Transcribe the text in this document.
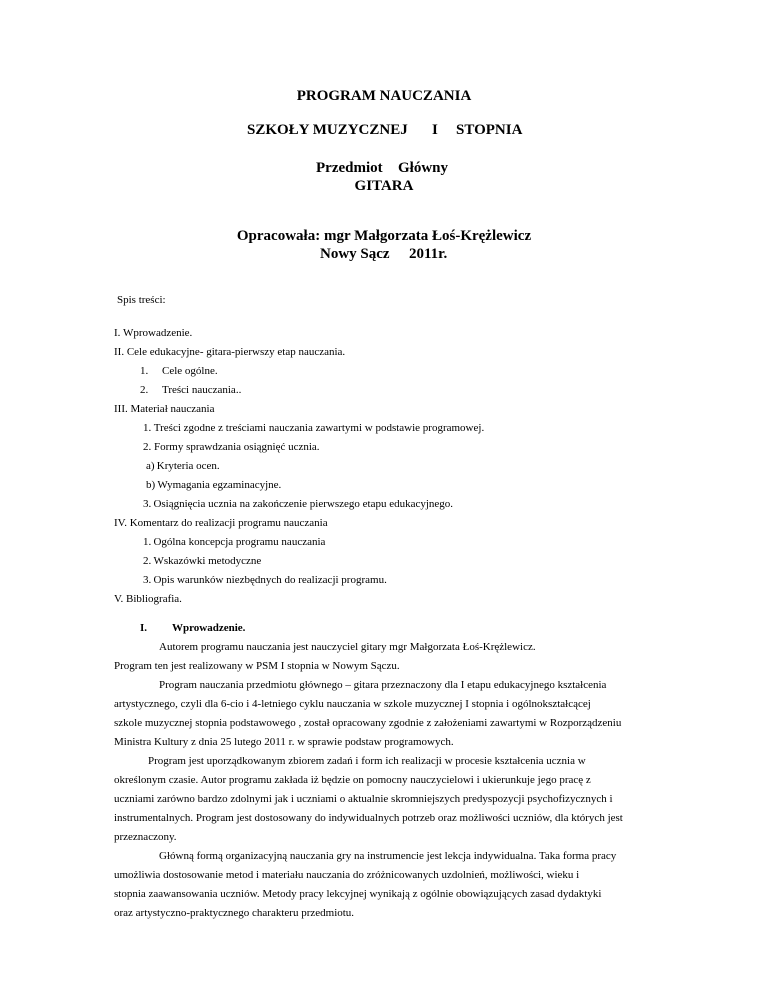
PROGRAM NAUCZANIA
SZKOŁY MUZYCZNEJ I STOPNIA
Przedmiot Główny
GITARA
Opracowała: mgr Małgorzata Łoś-Krężlewicz
Nowy Sącz 2011r.
Spis treści:
I. Wprowadzenie.
II. Cele edukacyjne- gitara-pierwszy etap nauczania.
1. Cele ogólne.
2. Treści nauczania..
III. Materiał nauczania
1. Treści zgodne z treściami nauczania zawartymi w podstawie programowej.
2. Formy sprawdzania osiągnięć ucznia.
a) Kryteria ocen.
b) Wymagania egzaminacyjne.
3. Osiągnięcia ucznia na zakończenie pierwszego etapu edukacyjnego.
IV. Komentarz do realizacji programu nauczania
1. Ogólna koncepcja programu nauczania
2. Wskazówki metodyczne
3. Opis warunków niezbędnych do realizacji programu.
V. Bibliografia.
I. Wprowadzenie.
Autorem programu nauczania jest nauczyciel gitary mgr Małgorzata Łoś-Krężlewicz.
Program ten jest realizowany w PSM I stopnia w Nowym Sączu.
Program nauczania przedmiotu głównego – gitara przeznaczony dla I etapu edukacyjnego kształcenia
artystycznego, czyli dla 6-cio i 4-letniego cyklu nauczania w szkole muzycznej I stopnia i ogólnokształcącej
szkole muzycznej stopnia podstawowego , został opracowany zgodnie z założeniami zawartymi w Rozporządzeniu
Ministra Kultury z dnia 25 lutego 2011 r. w sprawie podstaw programowych.
Program jest uporządkowanym zbiorem zadań i form ich realizacji w procesie kształcenia ucznia w
określonym czasie. Autor programu zakłada iż będzie on pomocny nauczycielowi i ukierunkuje jego pracę z
uczniami zarówno bardzo zdolnymi jak i uczniami o aktualnie skromniejszych predyspozycji psychofizycznych i
instrumentalnych. Program jest dostosowany do indywidualnych potrzeb oraz możliwości uczniów, dla których jest
przeznaczony.
Główną formą organizacyjną nauczania gry na instrumencie jest lekcja indywidualna. Taka forma pracy
umożliwia dostosowanie metod i materiału nauczania do zróżnicowanych uzdolnień, możliwości, wieku i
stopnia zaawansowania uczniów. Metody pracy lekcyjnej wynikają z ogólnie obowiązujących zasad dydaktyki
oraz artystyczno-praktycznego charakteru przedmiotu.
